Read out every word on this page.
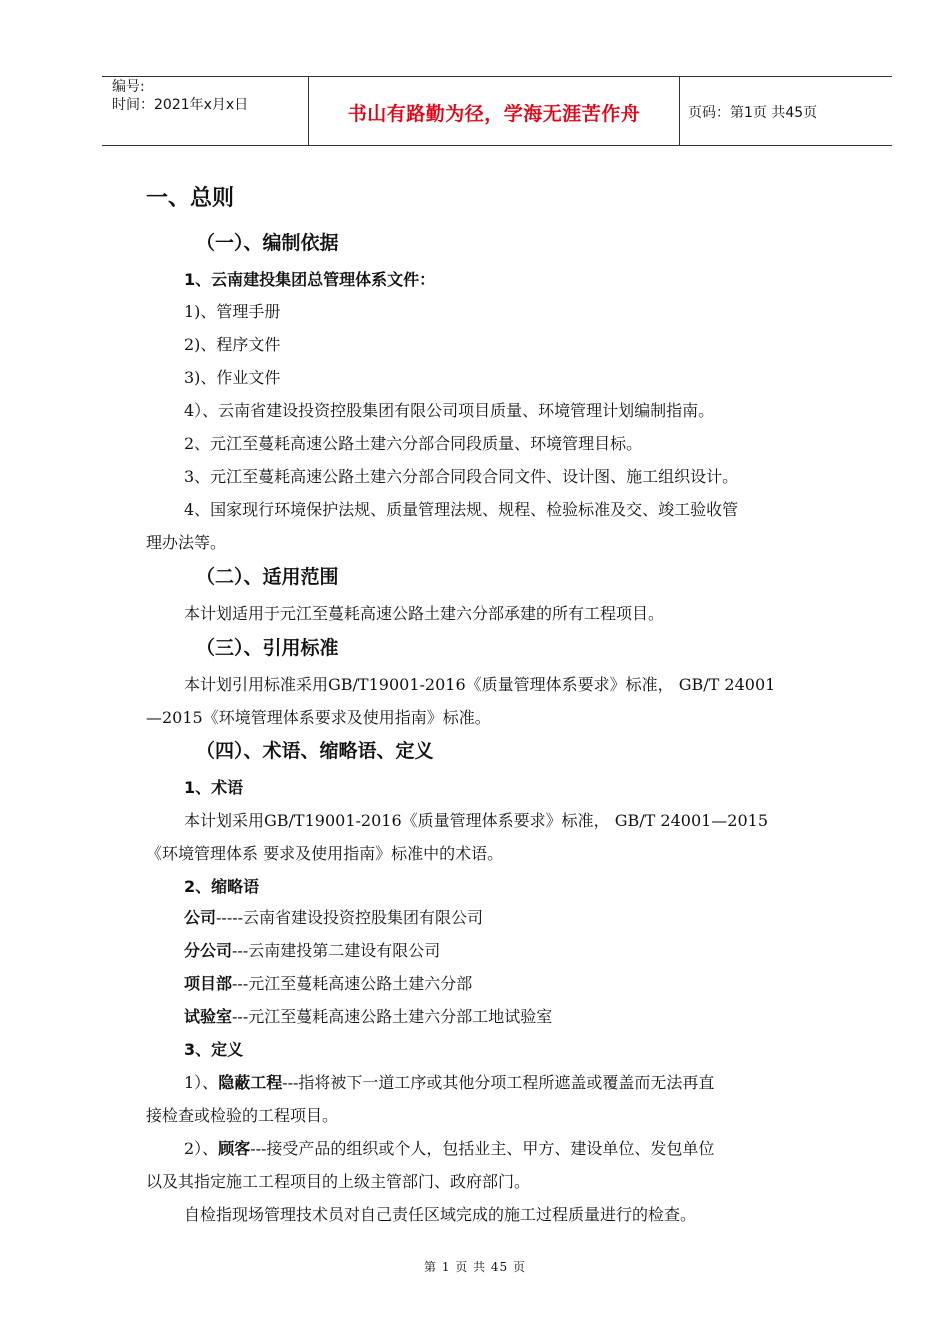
编号:
时间：2021年x月x日	书山有路勤为径，学海无涯苦作舟	页码：第1页 共45页
一、总则
（一）、编制依据
1、云南建投集团总管理体系文件：
1)、管理手册
2)、程序文件
3)、作业文件
4）、云南省建设投资控股集团有限公司项目质量、环境管理计划编制指南。
2、元江至蔓耗高速公路土建六分部合同段质量、环境管理目标。
3、元江至蔓耗高速公路土建六分部合同段合同文件、设计图、施工组织设计。
4、国家现行环境保护法规、质量管理法规、规程、检验标准及交、竣工验收管
理办法等。
（二）、适用范围
本计划适用于元江至蔓耗高速公路土建六分部承建的所有工程项目。
（三）、引用标准
本计划引用标准采用GB/T19001-2016《质量管理体系要求》标准， GB/T 24001
—2015《环境管理体系要求及使用指南》标准。
（四）、术语、缩略语、定义
1、术语
本计划采用GB/T19001-2016《质量管理体系要求》标准， GB/T 24001—2015
《环境管理体系 要求及使用指南》标准中的术语。
2、缩略语
公司-----云南省建设投资控股集团有限公司
分公司---云南建投第二建设有限公司
项目部---元江至蔓耗高速公路土建六分部
试验室---元江至蔓耗高速公路土建六分部工地试验室
3、定义
1）、隐蔽工程---指将被下一道工序或其他分项工程所遮盖或覆盖而无法再直
接检查或检验的工程项目。
2）、顾客---接受产品的组织或个人，包括业主、甲方、建设单位、发包单位
以及其指定施工工程项目的上级主管部门、政府部门。
自检指现场管理技术员对自己责任区域完成的施工过程质量进行的检查。
第 1 页 共 45 页
